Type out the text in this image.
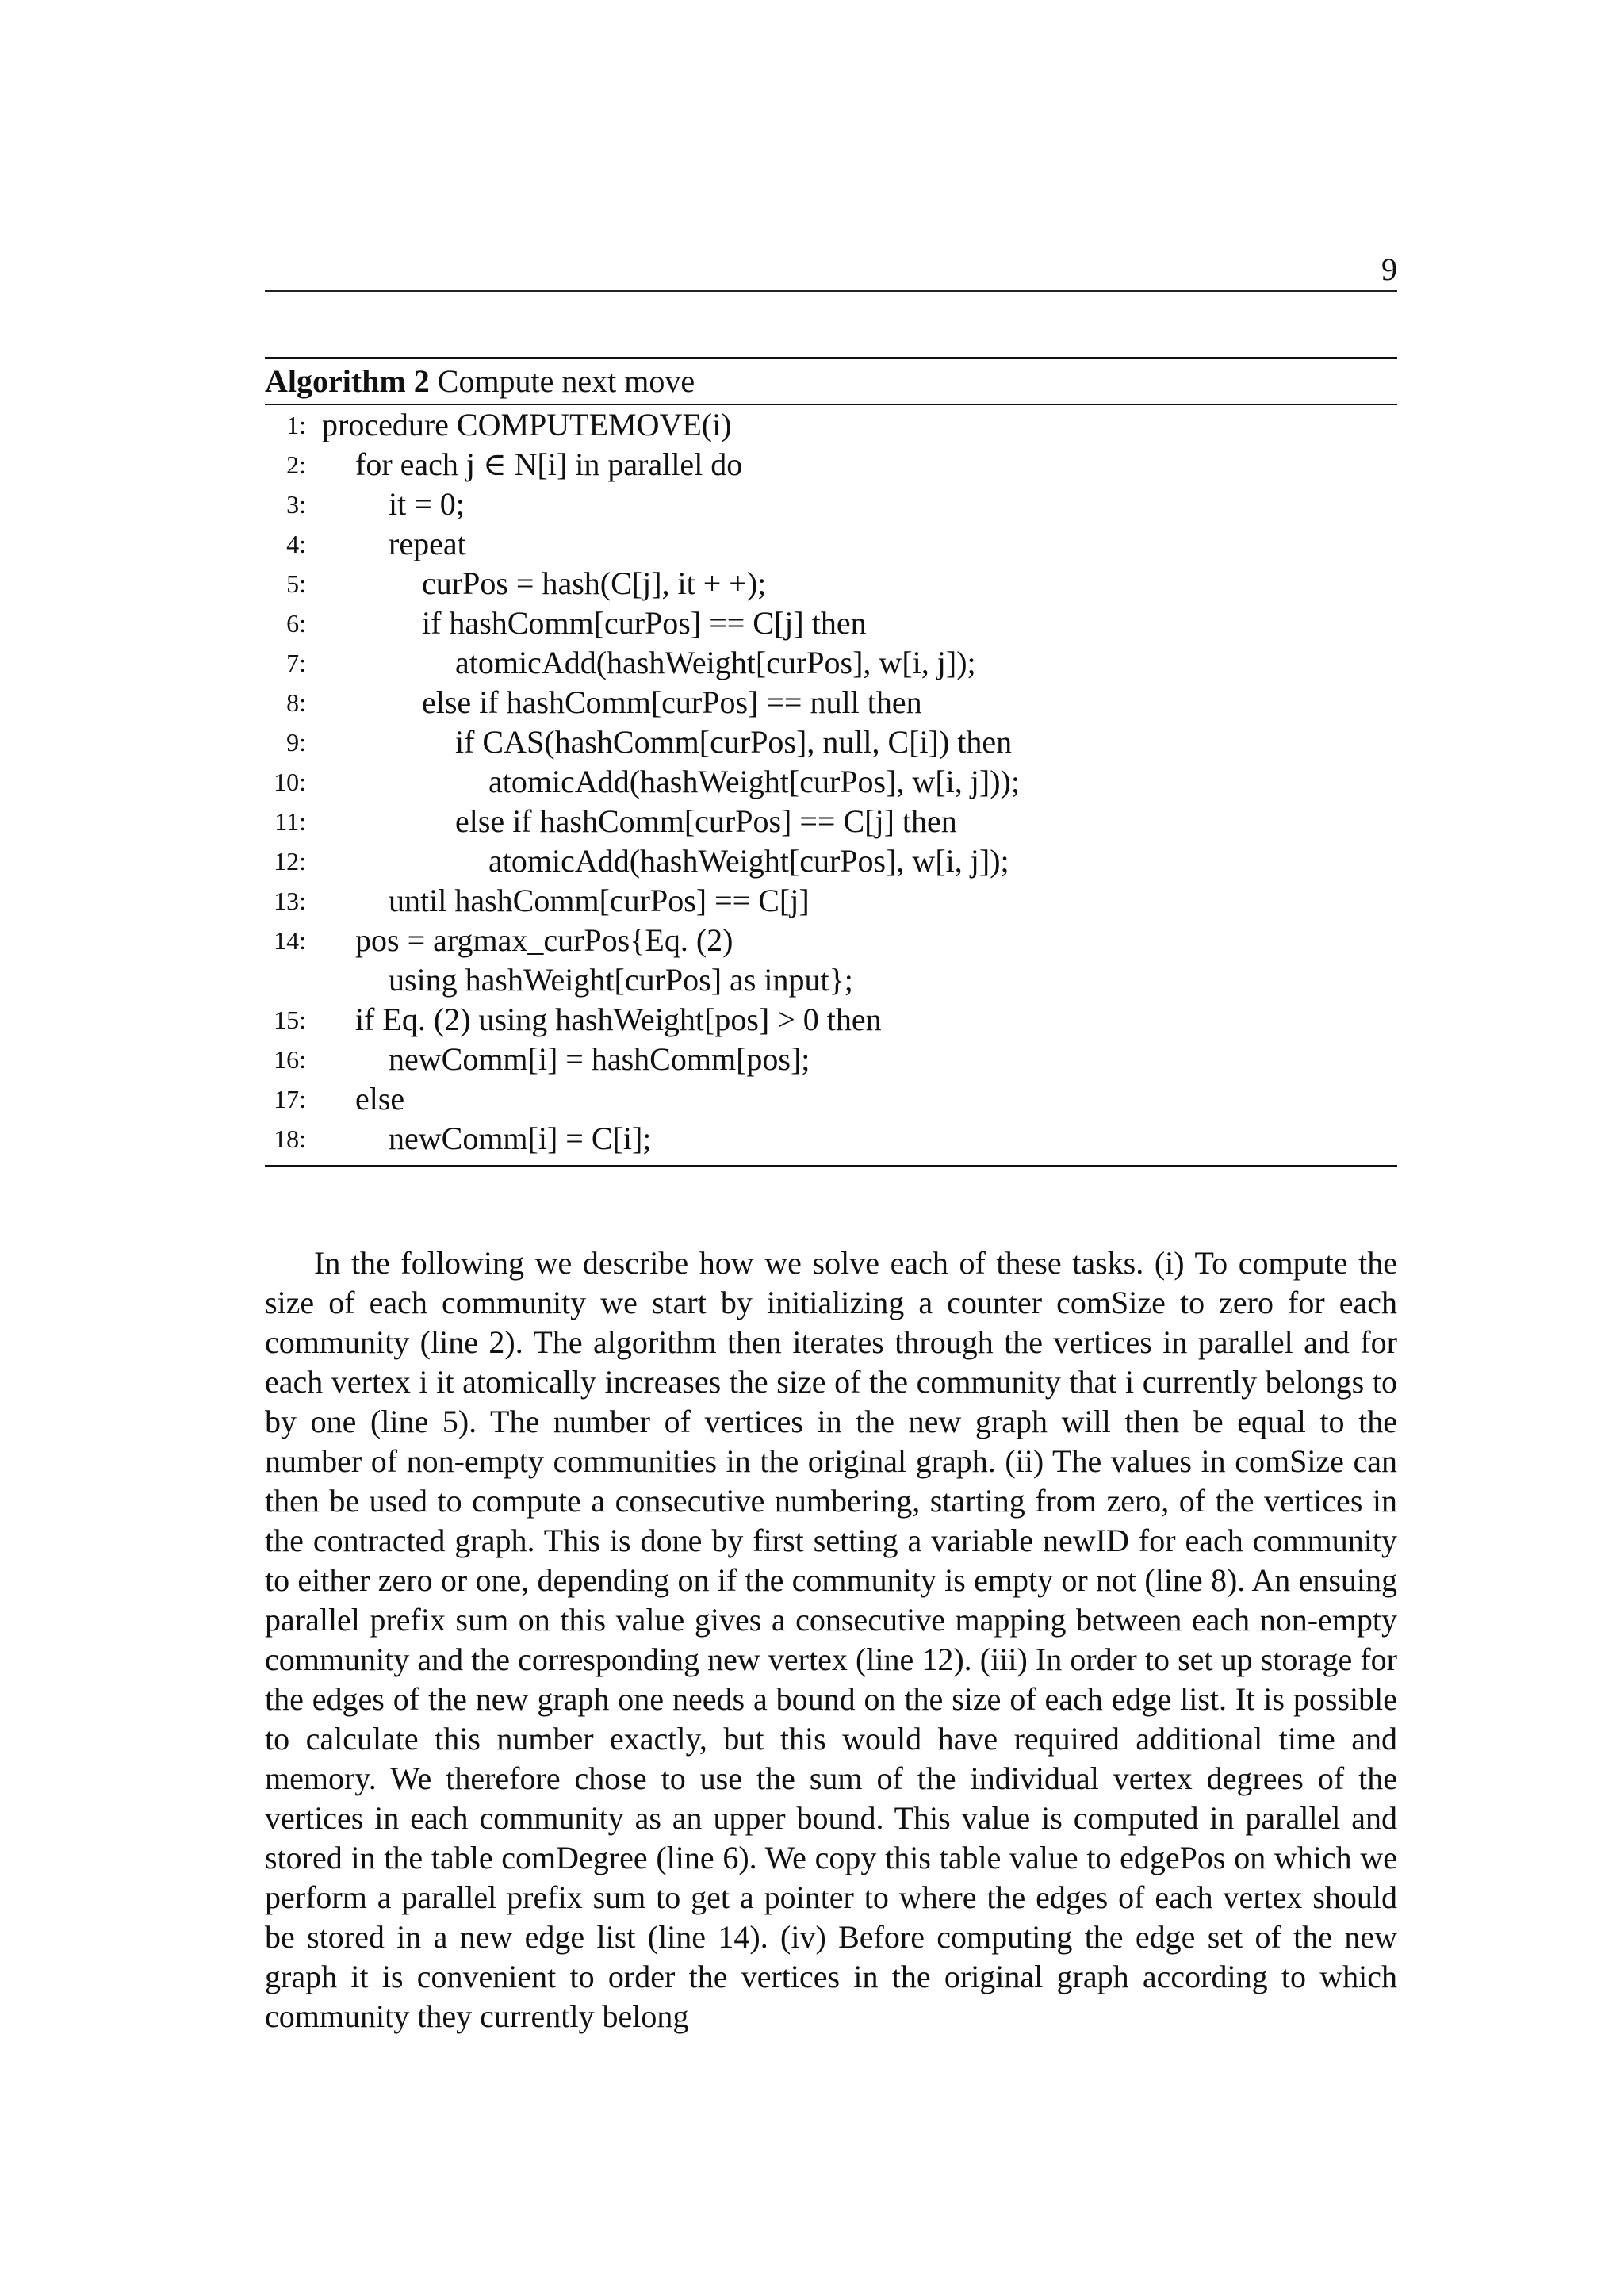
9
Algorithm 2 Compute next move
1: procedure COMPUTEMOVE(i)
2: for each j ∈ N[i] in parallel do
3:	it = 0;
4:	repeat
5:	curPos = hash(C[j], it + +);
6:	if hashComm[curPos] == C[j] then
7:	atomicAdd(hashWeight[curPos], w[i, j]);
8:	else if hashComm[curPos] == null then
9:	if CAS(hashComm[curPos], null, C[i]) then
10:	atomicAdd(hashWeight[curPos], w[i, j]));
11:	else if hashComm[curPos] == C[j] then
12:	atomicAdd(hashWeight[curPos], w[i, j]);
13:	until hashComm[curPos] == C[j]
14: pos = argmax_curPos{Eq. (2)
using hashWeight[curPos] as input};
15: if Eq. (2) using hashWeight[pos] > 0 then
16:	newComm[i] = hashComm[pos];
17: else
18:	newComm[i] = C[i];

In the following we describe how we solve each of these tasks. (i) To compute the size of each community we start by initializing a counter comSize to zero for each community (line 2). The algorithm then iterates through the vertices in parallel and for each vertex i it atomically increases the size of the community that i currently belongs to by one (line 5). The number of vertices in the new graph will then be equal to the number of non-empty communities in the original graph. (ii) The values in comSize can then be used to compute a consecutive numbering, starting from zero, of the vertices in the contracted graph. This is done by first setting a variable newID for each community to either zero or one, depending on if the community is empty or not (line 8). An ensuing parallel prefix sum on this value gives a consecutive mapping between each non-empty community and the corresponding new vertex (line 12). (iii) In order to set up storage for the edges of the new graph one needs a bound on the size of each edge list. It is possible to calculate this number exactly, but this would have required additional time and memory. We therefore chose to use the sum of the individual vertex degrees of the vertices in each community as an upper bound. This value is computed in parallel and stored in the table comDegree (line 6). We copy this table value to edgePos on which we perform a parallel prefix sum to get a pointer to where the edges of each vertex should be stored in a new edge list (line 14). (iv) Before computing the edge set of the new graph it is convenient to order the vertices in the original graph according to which community they currently belong
